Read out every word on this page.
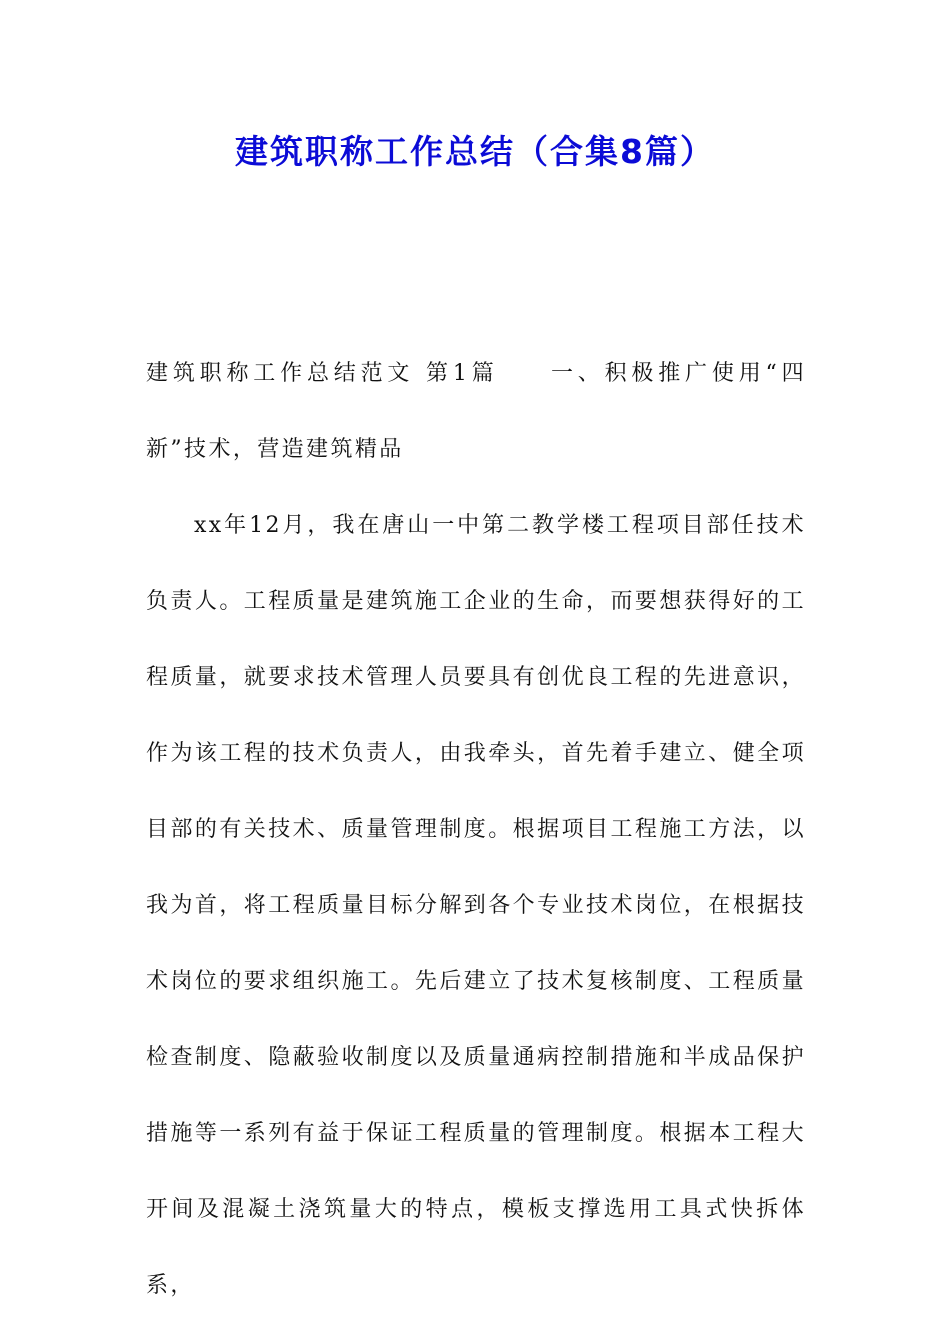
建筑职称工作总结（合集8篇）

建筑职称工作总结范文 第1篇 一、积极推广使用“四新”技术，营造建筑精品

xx年12月，我在唐山一中第二教学楼工程项目部任技术负责人。工程质量是建筑施工企业的生命，而要想获得好的工程质量，就要求技术管理人员要具有创优良工程的先进意识，作为该工程的技术负责人，由我牵头，首先着手建立、健全项目部的有关技术、质量管理制度。根据项目工程施工方法，以我为首，将工程质量目标分解到各个专业技术岗位，在根据技术岗位的要求组织施工。先后建立了技术复核制度、工程质量检查制度、隐蔽验收制度以及质量通病控制措施和半成品保护措施等一系列有益于保证工程质量的管理制度。根据本工程大开间及混凝土浇筑量大的特点，模板支撑选用工具式快拆体系，
